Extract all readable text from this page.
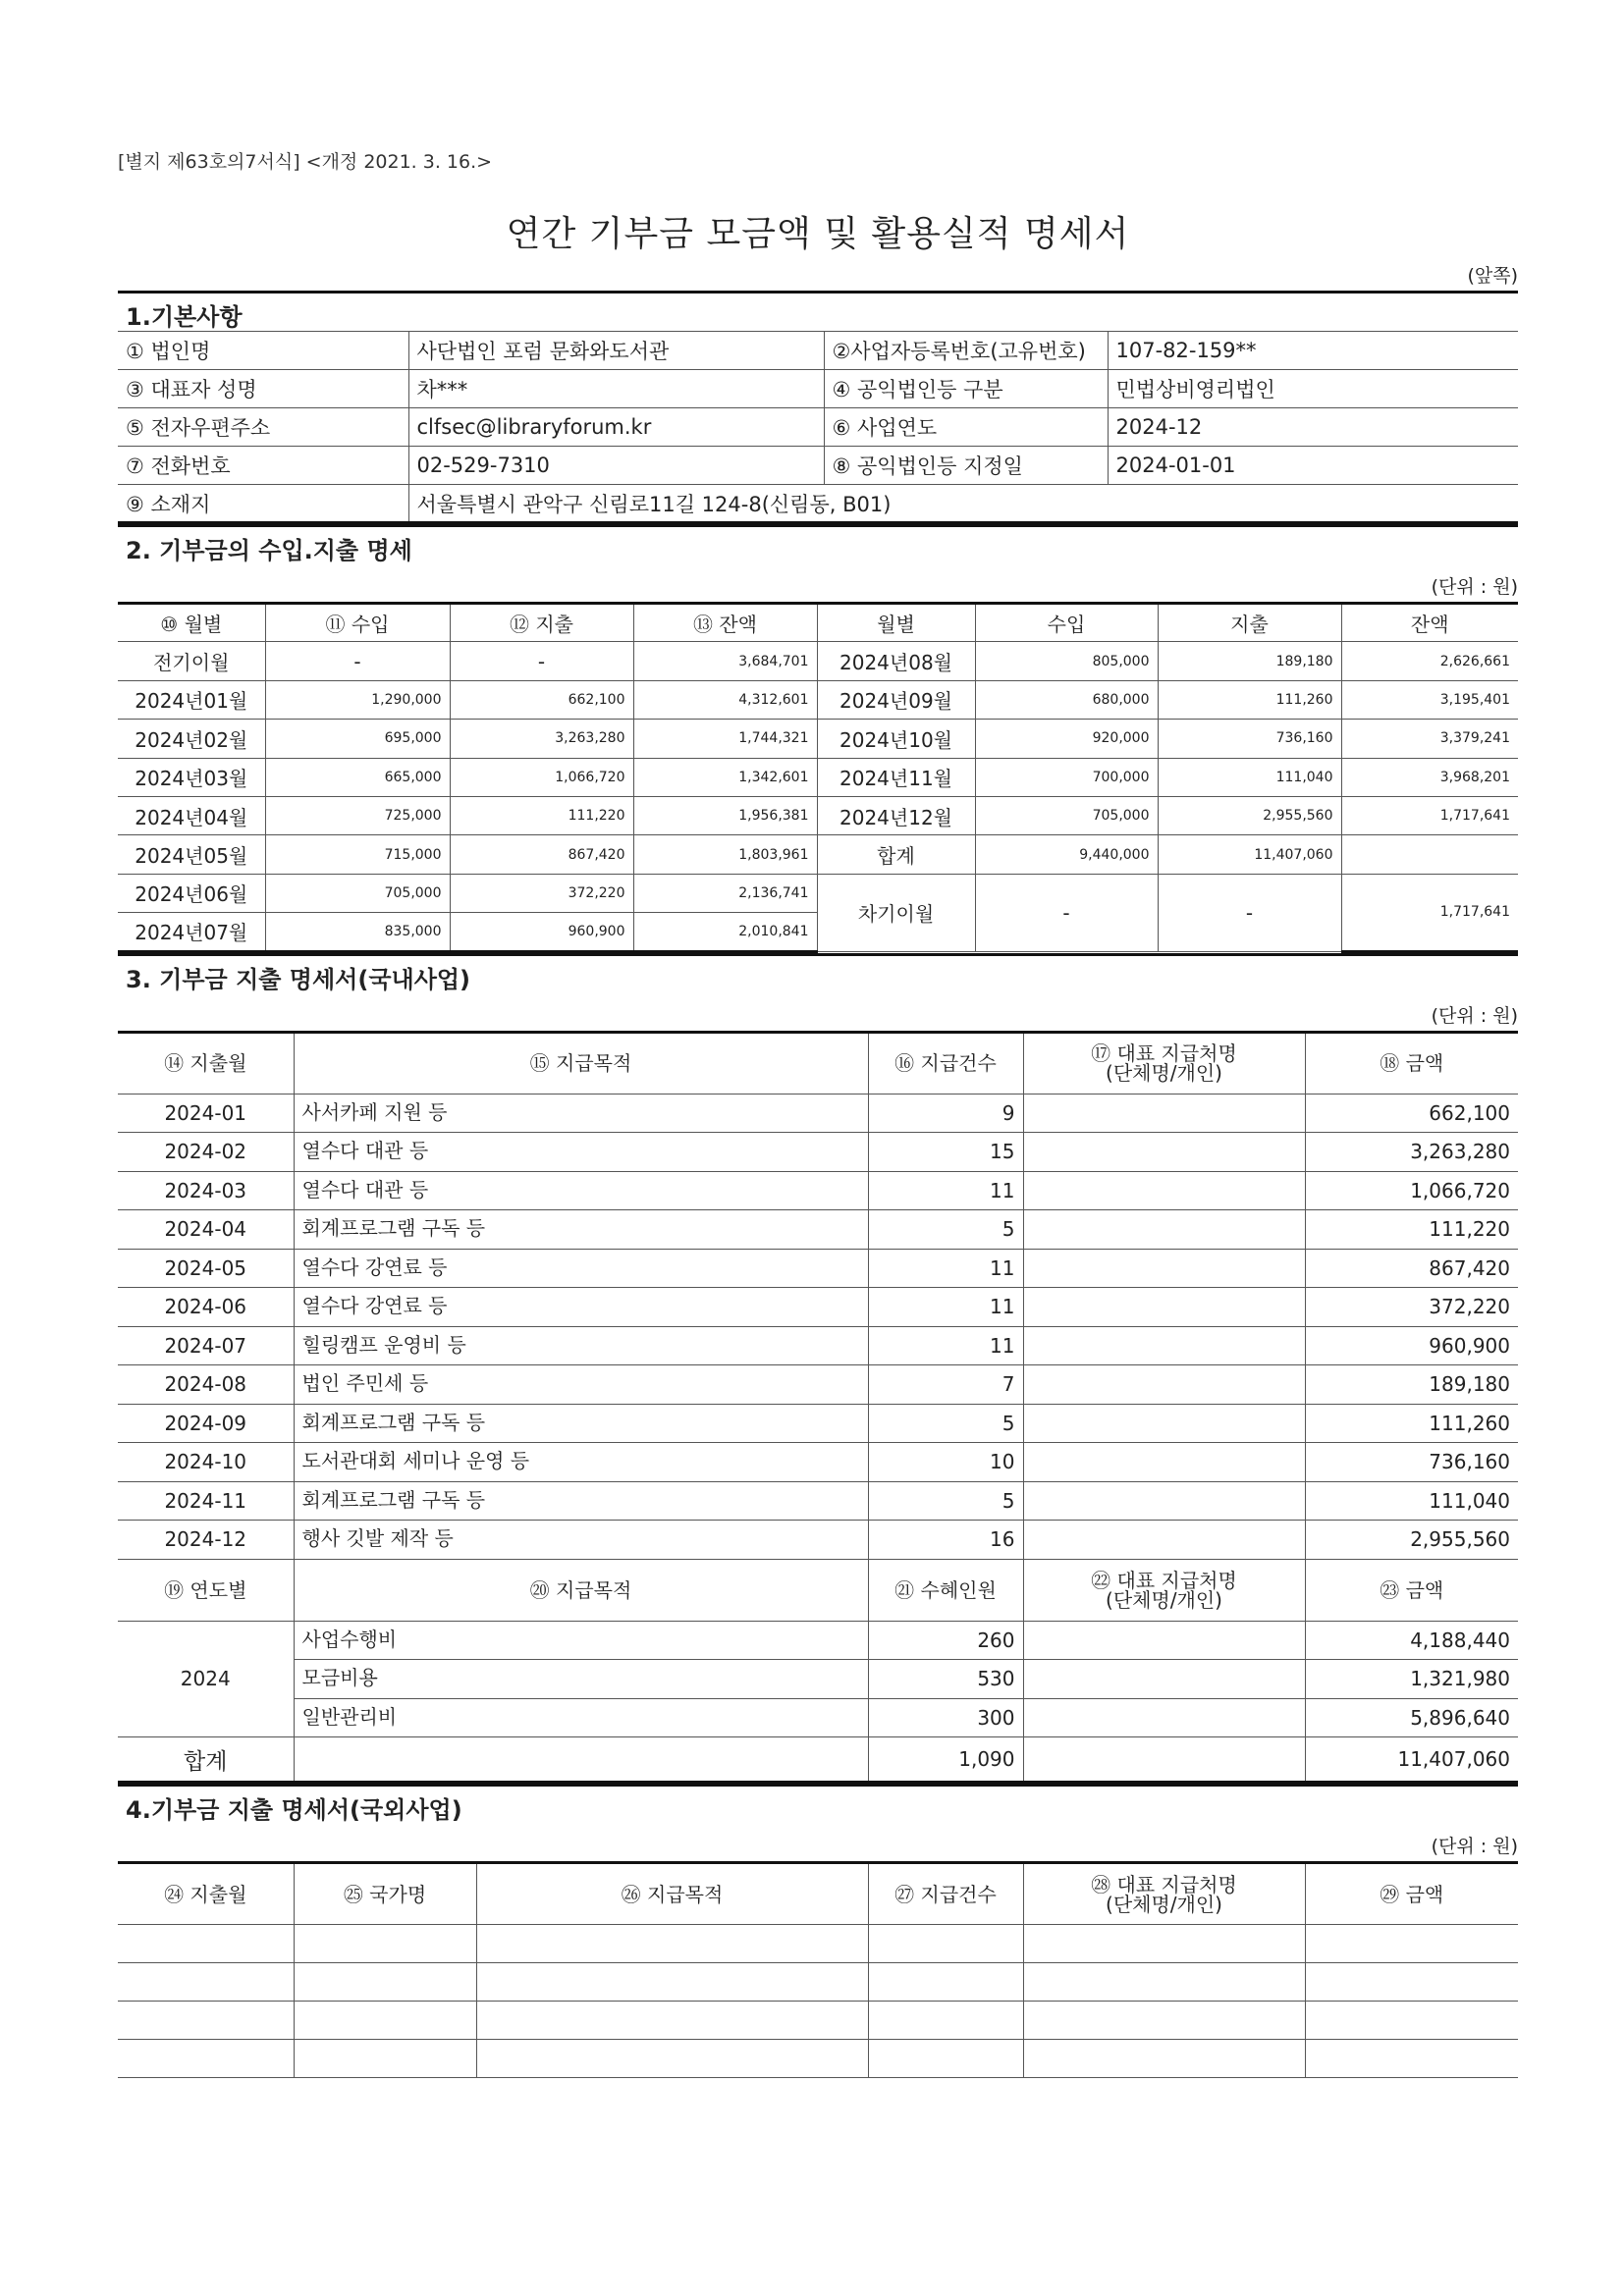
[별지 제63호의7서식] <개정 2021. 3. 16.>
연간 기부금 모금액 및 활용실적 명세서
(앞쪽)
1.기본사항
① 법인명	사단법인 포럼 문화와도서관	②사업자등록번호(고유번호)	107-82-159**
③ 대표자 성명	차***	④ 공익법인등 구분	민법상비영리법인
⑤ 전자우편주소	clfsec@libraryforum.kr	⑥ 사업연도	2024-12
⑦ 전화번호	02-529-7310	⑧ 공익법인등 지정일	2024-01-01
⑨ 소재지	서울특별시 관악구 신림로11길 124-8(신림동, B01)		
2. 기부금의 수입.지출 명세
(단위 : 원)
⑩ 월별	⑪ 수입	⑫ 지출	⑬ 잔액	월별	수입	지출	잔액
전기이월	-	-	3,684,701	2024년08월	805,000	189,180	2,626,661
2024년01월	1,290,000	662,100	4,312,601	2024년09월	680,000	111,260	3,195,401
2024년02월	695,000	3,263,280	1,744,321	2024년10월	920,000	736,160	3,379,241
2024년03월	665,000	1,066,720	1,342,601	2024년11월	700,000	111,040	3,968,201
2024년04월	725,000	111,220	1,956,381	2024년12월	705,000	2,955,560	1,717,641
2024년05월	715,000	867,420	1,803,961	합계	9,440,000	11,407,060	
2024년06월	705,000	372,220	2,136,741	차기이월	-	-	1,717,641
2024년07월	835,000	960,900	2,010,841				
3. 기부금 지출 명세서(국내사업)
(단위 : 원)
⑭ 지출월	⑮ 지급목적	⑯ 지급건수	⑰ 대표 지급처명
(단체명/개인)	⑱ 금액
2024-01	사서카페 지원 등	9		662,100
2024-02	열수다 대관 등	15		3,263,280
2024-03	열수다 대관 등	11		1,066,720
2024-04	회계프로그램 구독 등	5		111,220
2024-05	열수다 강연료 등	11		867,420
2024-06	열수다 강연료 등	11		372,220
2024-07	힐링캠프 운영비 등	11		960,900
2024-08	법인 주민세 등	7		189,180
2024-09	회계프로그램 구독 등	5		111,260
2024-10	도서관대회 세미나 운영 등	10		736,160
2024-11	회계프로그램 구독 등	5		111,040
2024-12	행사 깃발 제작 등	16		2,955,560
⑲ 연도별	⑳ 지급목적	㉑ 수혜인원	㉒ 대표 지급처명
(단체명/개인)	㉓ 금액
2024	사업수행비	260		4,188,440
	모금비용	530		1,321,980
	일반관리비	300		5,896,640
합계		1,090		11,407,060
4.기부금 지출 명세서(국외사업)
(단위 : 원)
㉔ 지출월	㉕ 국가명	㉖ 지급목적	㉗ 지급건수	㉘ 대표 지급처명
(단체명/개인)	㉙ 금액
